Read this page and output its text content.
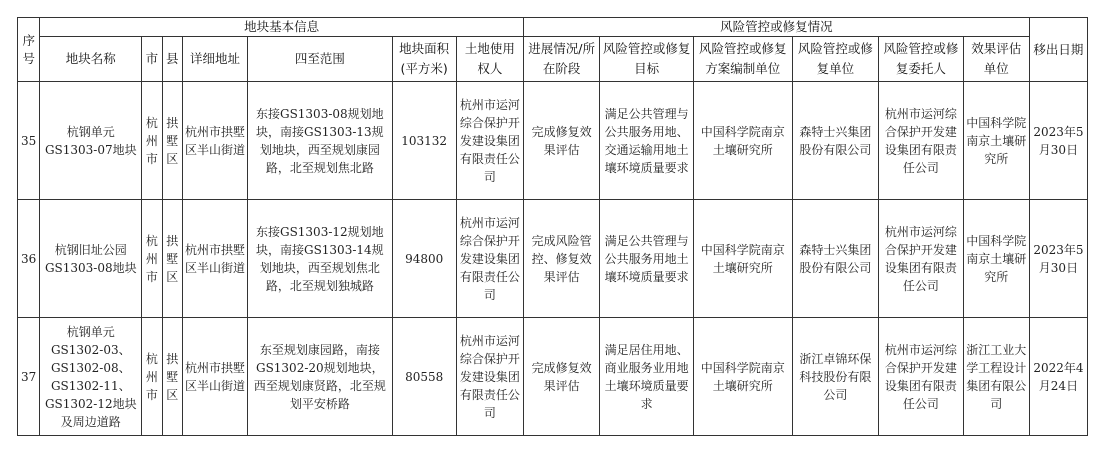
序号	地块基本信息							风险管控或修复情况						移出日期
	地块名称	市	县	详细地址	四至范围	地块面积(平方米)	土地使用权人	进展情况/所在阶段	风险管控或修复目标	风险管控或修复方案编制单位	风险管控或修复单位	风险管控或修复委托人	效果评估单位	
35	杭钢单元GS1303-07地块	杭州市	拱墅区	杭州市拱墅区半山街道	东接GS1303-08规划地块，南接GS1303-13规划地块，西至规划康园路，北至规划焦北路	103132	杭州市运河综合保护开发建设集团有限责任公司	完成修复效果评估	满足公共管理与公共服务用地、交通运输用地土壤环境质量要求	中国科学院南京土壤研究所	森特士兴集团股份有限公司	杭州市运河综合保护开发建设集团有限责任公司	中国科学院南京土壤研究所	2023年5月30日
36	杭钢旧址公园GS1303-08地块	杭州市	拱墅区	杭州市拱墅区半山街道	东接GS1303-12规划地块，南接GS1303-14规划地块，西至规划焦北路，北至规划独城路	94800	杭州市运河综合保护开发建设集团有限责任公司	完成风险管控、修复效果评估	满足公共管理与公共服务用地土壤环境质量要求	中国科学院南京土壤研究所	森特士兴集团股份有限公司	杭州市运河综合保护开发建设集团有限责任公司	中国科学院南京土壤研究所	2023年5月30日
37	杭钢单元GS1302-03、GS1302-08、GS1302-11、GS1302-12地块及周边道路	杭州市	拱墅区	杭州市拱墅区半山街道	东至规划康园路，南接GS1302-20规划地块，西至规划康贤路，北至规划平安桥路	80558	杭州市运河综合保护开发建设集团有限责任公司	完成修复效果评估	满足居住用地、商业服务业用地土壤环境质量要求	中国科学院南京土壤研究所	浙江卓锦环保科技股份有限公司	杭州市运河综合保护开发建设集团有限责任公司	浙江工业大学工程设计集团有限公司	2022年4月24日
